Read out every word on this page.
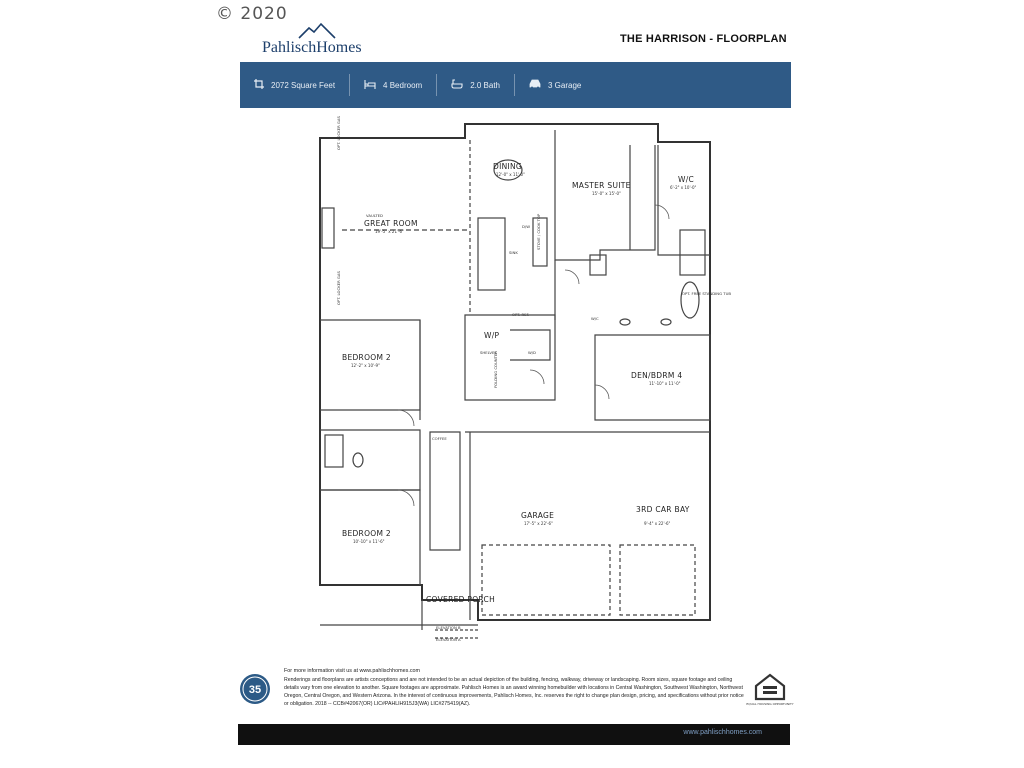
© 2020
PahlischHomes	THE HARRISON - FLOORPLAN
2072 Square Feet	4 Bedroom	2.0 Bath	3 Garage
DINING
12'-0" x 11'-0"
VAULTED
GREAT ROOM
19'-5" x 21'-6"
MASTER SUITE
15'-0" x 15'-0"
W/C
6'-2" x 10'-0"
BEDROOM 2
12'-2" x 10'-9"
BEDROOM 2
10'-10" x 11'-6"
DEN/BDRM 4
11'-10" x 11'-0"
GARAGE
17'-5" x 22'-6"
3RD CAR BAY
9'-4" x 22'-6"
COVERED PORCH
OPT. REF.
W/P
SHELVES
SINK
D/W
OPT. FREE STANDING TUB
W/C
W/D
COFFEE
ELEVATION B
ELEVATION A
OPT. LOCKER GAS
OPT. LOCKER GAS
STOVE / COOK TOP
FOLDING COUNTER
35
For more information visit us at www.pahlischhomes.com
Renderings and floorplans are artists conceptions and are not intended to be an actual depiction of the building, fencing, walkway, driveway or landscaping. Room sizes, square footage and ceiling details vary from one elevation to another. Square footages are approximate. Pahlisch Homes is an award winning homebuilder with locations in Central Washington, Southwest Washington, Northwest Oregon, Central Oregon, and Western Arizona. In the interest of continuous improvements, Pahlisch Homes, Inc. reserves the right to change plan design, pricing, and specifications without prior notice or obligation. 2018 -- CCB#42067(OR) LIC#PAHLIH915J3(WA) LIC#275419(AZ).	EQUAL HOUSING OPPORTUNITY
www.pahlischhomes.com
